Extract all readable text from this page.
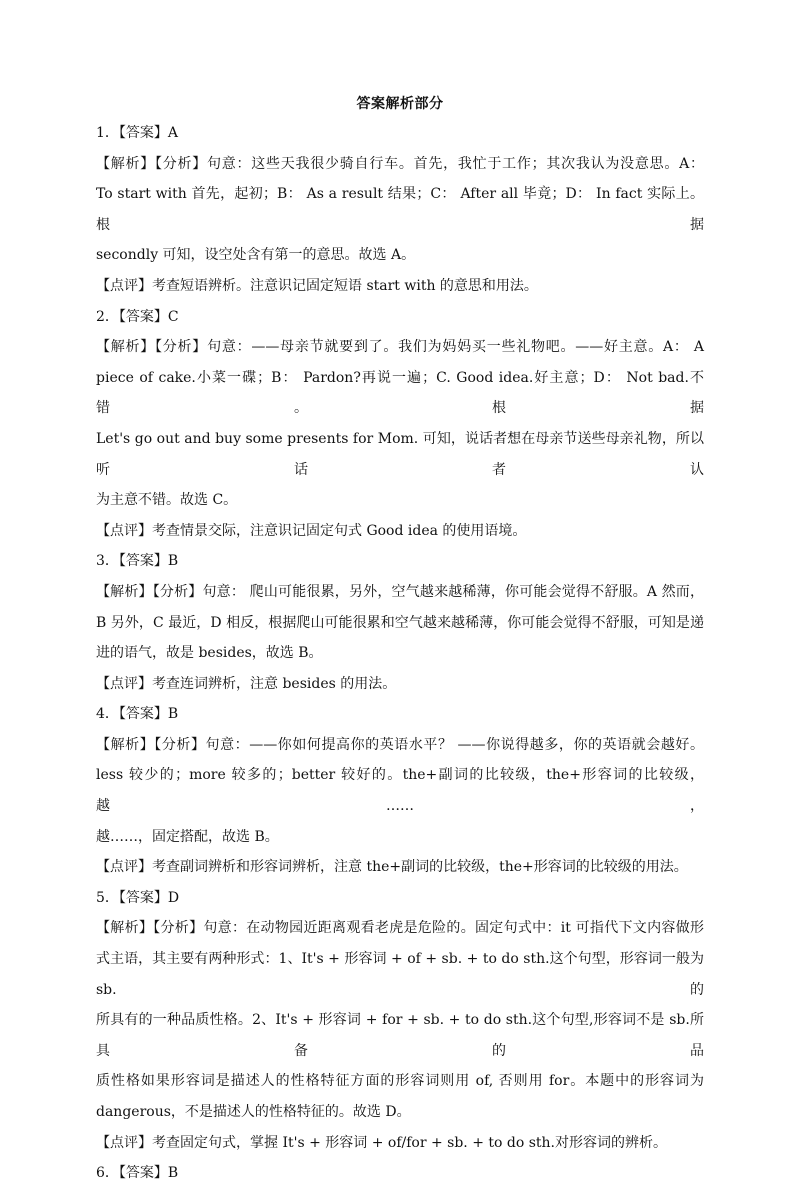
答案解析部分
1．【答案】A
【解析】【分析】句意：这些天我很少骑自行车。首先，我忙于工作；其次我认为没意思。A：
To start with 首先，起初；B： As a result 结果；C： After all 毕竟；D： In fact 实际上。根据
secondly 可知，设空处含有第一的意思。故选 A。
【点评】考查短语辨析。注意识记固定短语 start with 的意思和用法。
2．【答案】C
【解析】【分析】句意：——母亲节就要到了。我们为妈妈买一些礼物吧。——好主意。A： A
piece of cake.小菜一碟；B： Pardon?再说一遍；C. Good idea.好主意；D： Not bad.不错。根据
Let's go out and buy some presents for Mom. 可知，说话者想在母亲节送些母亲礼物，所以听话者认
为主意不错。故选 C。
【点评】考查情景交际，注意识记固定句式 Good idea 的使用语境。
3．【答案】B
【解析】【分析】句意： 爬山可能很累，另外，空气越来越稀薄，你可能会觉得不舒服。A 然而，
B 另外，C 最近，D 相反，根据爬山可能很累和空气越来越稀薄，你可能会觉得不舒服，可知是递
进的语气，故是 besides，故选 B。
【点评】考查连词辨析，注意 besides 的用法。
4．【答案】B
【解析】【分析】句意：——你如何提高你的英语水平？ ——你说得越多，你的英语就会越好。
less 较少的；more 较多的；better 较好的。the+副词的比较级，the+形容词的比较级，越……，
越……，固定搭配，故选 B。
【点评】考查副词辨析和形容词辨析，注意 the+副词的比较级，the+形容词的比较级的用法。
5．【答案】D
【解析】【分析】句意：在动物园近距离观看老虎是危险的。固定句式中：it 可指代下文内容做形
式主语，其主要有两种形式：1、It's + 形容词 + of + sb. + to do sth.这个句型，形容词一般为 sb.的
所具有的一种品质性格。2、It's + 形容词 + for + sb. + to do sth.这个句型,形容词不是 sb.所具备的品
质性格如果形容词是描述人的性格特征方面的形容词则用 of, 否则用 for。本题中的形容词为
dangerous，不是描述人的性格特征的。故选 D。
【点评】考查固定句式，掌握 It's + 形容词 + of/for + sb. + to do sth.对形容词的辨析。
6．【答案】B
